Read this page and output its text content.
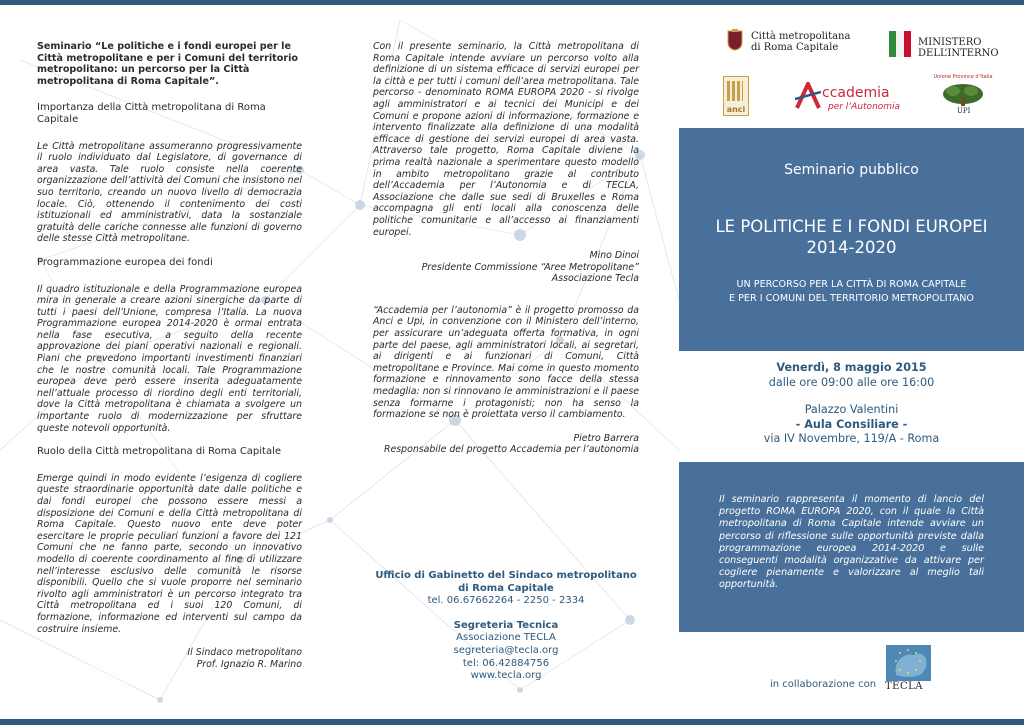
Seminario “Le politiche e i fondi europei per le Città metropolitane e per i Comuni del territorio metropolitano: un percorso per la Città metropolitana di Roma Capitale”.

Importanza della Città metropolitana di Roma Capitale

Le Città metropolitane assumeranno progressivamente il ruolo individuato dal Legislatore, di governance di area vasta. Tale ruolo consiste nella coerente organizzazione dell’attività dei Comuni che insistono nel suo territorio, creando un nuovo livello di democrazia locale. Ciò, ottenendo il contenimento dei costi istituzionali ed amministrativi, data la sostanziale gratuità delle cariche connesse alle funzioni di governo delle stesse Città metropolitane.

Programmazione europea dei fondi

Il quadro istituzionale e della Programmazione europea mira in generale a creare azioni sinergiche da parte di tutti i paesi dell’Unione, compresa l’Italia. La nuova Programmazione europea 2014-2020 è ormai entrata nella fase esecutiva, a seguito della recente approvazione dei piani operativi nazionali e regionali. Piani che prevedono importanti investimenti finanziari che le nostre comunità locali. Tale Programmazione europea deve però essere inserita adeguatamente nell’attuale processo di riordino degli enti territoriali, dove la Città metropolitana è chiamata a svolgere un importante ruolo di modernizzazione per sfruttare queste notevoli opportunità.

Ruolo della Città metropolitana di Roma Capitale

Emerge quindi in modo evidente l’esigenza di cogliere queste straordinarie opportunità date dalle politiche e dai fondi europei che possono essere messi a disposizione dei Comuni e della Città metropolitana di Roma Capitale. Questo nuovo ente deve poter esercitare le proprie peculiari funzioni a favore dei 121 Comuni che ne fanno parte, secondo un innovativo modello di coerente coordinamento al fine di utilizzare nell’interesse esclusivo delle comunità le risorse disponibili. Quello che si vuole proporre nel seminario rivolto agli amministratori è un percorso integrato tra Città metropolitana ed i suoi 120 Comuni, di formazione, informazione ed interventi sul campo da costruire insieme.

Il Sindaco metropolitano

Prof. Ignazio R. Marino

Con il presente seminario, la Città metropolitana di Roma Capitale intende avviare un percorso volto alla definizione di un sistema efficace di servizi europei per la città e per tutti i comuni dell’area metropolitana. Tale percorso - denominato ROMA EUROPA 2020 - si rivolge agli amministratori e ai tecnici dei Municipi e dei Comuni e propone azioni di informazione, formazione e intervento finalizzate alla definizione di una modalità efficace di gestione dei servizi europei di area vasta. Attraverso tale progetto, Roma Capitale diviene la prima realtà nazionale a sperimentare questo modello in ambito metropolitano grazie al contributo dell’Accademia per l’Autonomia e di TECLA, Associazione che dalle sue sedi di Bruxelles e Roma accompagna gli enti locali alla conoscenza delle politiche comunitarie e all’accesso ai finanziamenti europei.

Mino Dinoi

Presidente Commissione “Aree Metropolitane”

Associazione Tecla

“Accademia per l’autonomia” è il progetto promosso da Anci e Upi, in convenzione con il Ministero dell’interno, per assicurare un’adeguata offerta formativa, in ogni parte del paese, agli amministratori locali, ai segretari, ai dirigenti e ai funzionari di Comuni, Città metropolitane e Province. Mai come in questo momento formazione e rinnovamento sono facce della stessa medaglia: non si rinnovano le amministrazioni e il paese senza formarne i protagonisti; non ha senso la formazione se non è proiettata verso il cambiamento.

Pietro Barrera

Responsabile del progetto Accademia per l’autonomia

Ufficio di Gabinetto del Sindaco metropolitano
di Roma Capitale
tel. 06.67662264 - 2250 - 2334
Segreteria Tecnica
Associazione TECLA
segreteria@tecla.org
tel: 06.42884756
www.tecla.org
Città metropolitana
di Roma Capitale	MINISTERO
DELL’INTERNO
anci
ccademia
per l’Autonomia
Unione Province d’Italia
UPI
Seminario pubblico
LE POLITICHE E I FONDI EUROPEI
2014-2020
UN PERCORSO PER LA CITTÀ DI ROMA CAPITALE
E PER I COMUNI DEL TERRITORIO METROPOLITANO
Venerdì, 8 maggio 2015
dalle ore 09:00 alle ore 16:00
Palazzo Valentini
- Aula Consiliare -
via IV Novembre, 119/A - Roma

Il seminario rappresenta il momento di lancio del progetto ROMA EUROPA 2020, con il quale la Città metropolitana di Roma Capitale intende avviare un percorso di riflessione sulle opportunità previste dalla programmazione europea 2014-2020 e sulle conseguenti modalità organizzative da attivare per cogliere pienamente e valorizzare al meglio tali opportunità.

in collaborazione con TECLA
